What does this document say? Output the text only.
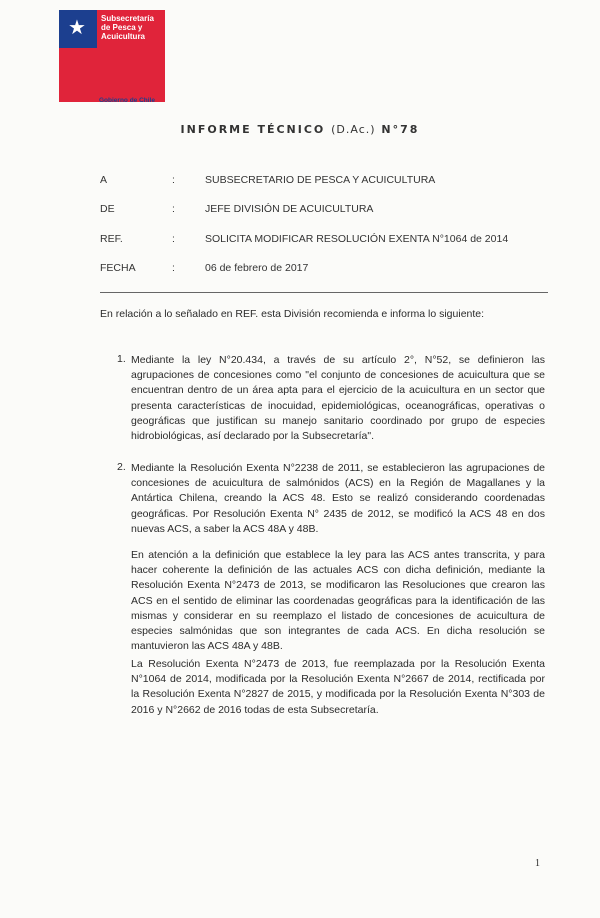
★ Subsecretaría
de Pesca y
Acuicultura
Gobierno de Chile
INFORME TÉCNICO (D.Ac.) N°78
A	:	SUBSECRETARIO DE PESCA Y ACUICULTURA
DE	:	JEFE DIVISIÓN DE ACUICULTURA
REF.	:	SOLICITA MODIFICAR RESOLUCIÓN EXENTA N°1064 de 2014
FECHA	:	06 de febrero de 2017
En relación a lo señalado en REF. esta División recomienda e informa lo siguiente:
1. Mediante la ley N°20.434, a través de su artículo 2°, N°52, se definieron las agrupaciones de concesiones como "el conjunto de concesiones de acuicultura que se encuentran dentro de un área apta para el ejercicio de la acuicultura en un sector que presenta características de inocuidad, epidemiológicas, oceanográficas, operativas o geográficas que justifican su manejo sanitario coordinado por grupo de especies hidrobiológicas, así declarado por la Subsecretaría".

2. Mediante la Resolución Exenta N°2238 de 2011, se establecieron las agrupaciones de concesiones de acuicultura de salmónidos (ACS) en la Región de Magallanes y la Antártica Chilena, creando la ACS 48. Esto se realizó considerando coordenadas geográficas. Por Resolución Exenta N° 2435 de 2012, se modificó la ACS 48 en dos nuevas ACS, a saber la ACS 48A y 48B.

En atención a la definición que establece la ley para las ACS antes transcrita, y para hacer coherente la definición de las actuales ACS con dicha definición, mediante la Resolución Exenta N°2473 de 2013, se modificaron las Resoluciones que crearon las ACS en el sentido de eliminar las coordenadas geográficas para la identificación de las mismas y considerar en su reemplazo el listado de concesiones de acuicultura de especies salmónidas que son integrantes de cada ACS. En dicha resolución se mantuvieron las ACS 48A y 48B.

La Resolución Exenta N°2473 de 2013, fue reemplazada por la Resolución Exenta N°1064 de 2014, modificada por la Resolución Exenta N°2667 de 2014, rectificada por la Resolución Exenta N°2827 de 2015, y modificada por la Resolución Exenta N°303 de 2016 y N°2662 de 2016 todas de esta Subsecretaría.

1
